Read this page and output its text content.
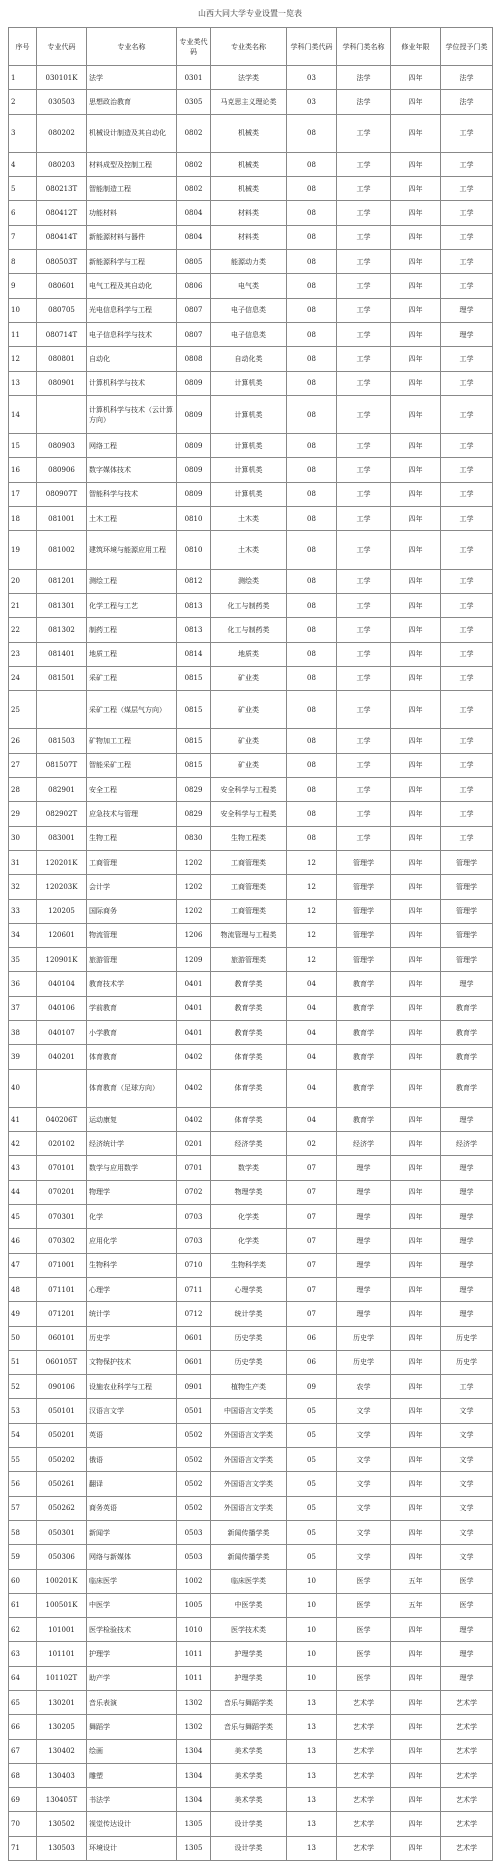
山西大同大学专业设置一览表
序号	专业代码	专业名称	专业类代码	专业类名称	学科门类代码	学科门类名称	修业年限	学位授予门类
1	030101K	法学	0301	法学类	03	法学	四年	法学
2	030503	思想政治教育	0305	马克思主义理论类	03	法学	四年	法学
3	080202	机械设计制造及其自动化	0802	机械类	08	工学	四年	工学
4	080203	材料成型及控制工程	0802	机械类	08	工学	四年	工学
5	080213T	智能制造工程	0802	机械类	08	工学	四年	工学
6	080412T	功能材料	0804	材料类	08	工学	四年	工学
7	080414T	新能源材料与器件	0804	材料类	08	工学	四年	工学
8	080503T	新能源科学与工程	0805	能源动力类	08	工学	四年	工学
9	080601	电气工程及其自动化	0806	电气类	08	工学	四年	工学
10	080705	光电信息科学与工程	0807	电子信息类	08	工学	四年	理学
11	080714T	电子信息科学与技术	0807	电子信息类	08	工学	四年	理学
12	080801	自动化	0808	自动化类	08	工学	四年	工学
13	080901	计算机科学与技术	0809	计算机类	08	工学	四年	工学
14		计算机科学与技术（云计算方向）	0809	计算机类	08	工学	四年	工学
15	080903	网络工程	0809	计算机类	08	工学	四年	工学
16	080906	数字媒体技术	0809	计算机类	08	工学	四年	工学
17	080907T	智能科学与技术	0809	计算机类	08	工学	四年	工学
18	081001	土木工程	0810	土木类	08	工学	四年	工学
19	081002	建筑环境与能源应用工程	0810	土木类	08	工学	四年	工学
20	081201	测绘工程	0812	测绘类	08	工学	四年	工学
21	081301	化学工程与工艺	0813	化工与制药类	08	工学	四年	工学
22	081302	制药工程	0813	化工与制药类	08	工学	四年	工学
23	081401	地质工程	0814	地质类	08	工学	四年	工学
24	081501	采矿工程	0815	矿业类	08	工学	四年	工学
25		采矿工程（煤层气方向）	0815	矿业类	08	工学	四年	工学
26	081503	矿物加工工程	0815	矿业类	08	工学	四年	工学
27	081507T	智能采矿工程	0815	矿业类	08	工学	四年	工学
28	082901	安全工程	0829	安全科学与工程类	08	工学	四年	工学
29	082902T	应急技术与管理	0829	安全科学与工程类	08	工学	四年	工学
30	083001	生物工程	0830	生物工程类	08	工学	四年	工学
31	120201K	工商管理	1202	工商管理类	12	管理学	四年	管理学
32	120203K	会计学	1202	工商管理类	12	管理学	四年	管理学
33	120205	国际商务	1202	工商管理类	12	管理学	四年	管理学
34	120601	物流管理	1206	物流管理与工程类	12	管理学	四年	管理学
35	120901K	旅游管理	1209	旅游管理类	12	管理学	四年	管理学
36	040104	教育技术学	0401	教育学类	04	教育学	四年	理学
37	040106	学前教育	0401	教育学类	04	教育学	四年	教育学
38	040107	小学教育	0401	教育学类	04	教育学	四年	教育学
39	040201	体育教育	0402	体育学类	04	教育学	四年	教育学
40		体育教育（足球方向）	0402	体育学类	04	教育学	四年	教育学
41	040206T	运动康复	0402	体育学类	04	教育学	四年	理学
42	020102	经济统计学	0201	经济学类	02	经济学	四年	经济学
43	070101	数学与应用数学	0701	数学类	07	理学	四年	理学
44	070201	物理学	0702	物理学类	07	理学	四年	理学
45	070301	化学	0703	化学类	07	理学	四年	理学
46	070302	应用化学	0703	化学类	07	理学	四年	理学
47	071001	生物科学	0710	生物科学类	07	理学	四年	理学
48	071101	心理学	0711	心理学类	07	理学	四年	理学
49	071201	统计学	0712	统计学类	07	理学	四年	理学
50	060101	历史学	0601	历史学类	06	历史学	四年	历史学
51	060105T	文物保护技术	0601	历史学类	06	历史学	四年	历史学
52	090106	设施农业科学与工程	0901	植物生产类	09	农学	四年	工学
53	050101	汉语言文学	0501	中国语言文学类	05	文学	四年	文学
54	050201	英语	0502	外国语言文学类	05	文学	四年	文学
55	050202	俄语	0502	外国语言文学类	05	文学	四年	文学
56	050261	翻译	0502	外国语言文学类	05	文学	四年	文学
57	050262	商务英语	0502	外国语言文学类	05	文学	四年	文学
58	050301	新闻学	0503	新闻传播学类	05	文学	四年	文学
59	050306	网络与新媒体	0503	新闻传播学类	05	文学	四年	文学
60	100201K	临床医学	1002	临床医学类	10	医学	五年	医学
61	100501K	中医学	1005	中医学类	10	医学	五年	医学
62	101001	医学检验技术	1010	医学技术类	10	医学	四年	理学
63	101101	护理学	1011	护理学类	10	医学	四年	理学
64	101102T	助产学	1011	护理学类	10	医学	四年	理学
65	130201	音乐表演	1302	音乐与舞蹈学类	13	艺术学	四年	艺术学
66	130205	舞蹈学	1302	音乐与舞蹈学类	13	艺术学	四年	艺术学
67	130402	绘画	1304	美术学类	13	艺术学	四年	艺术学
68	130403	雕塑	1304	美术学类	13	艺术学	四年	艺术学
69	130405T	书法学	1304	美术学类	13	艺术学	四年	艺术学
70	130502	视觉传达设计	1305	设计学类	13	艺术学	四年	艺术学
71	130503	环境设计	1305	设计学类	13	艺术学	四年	艺术学
